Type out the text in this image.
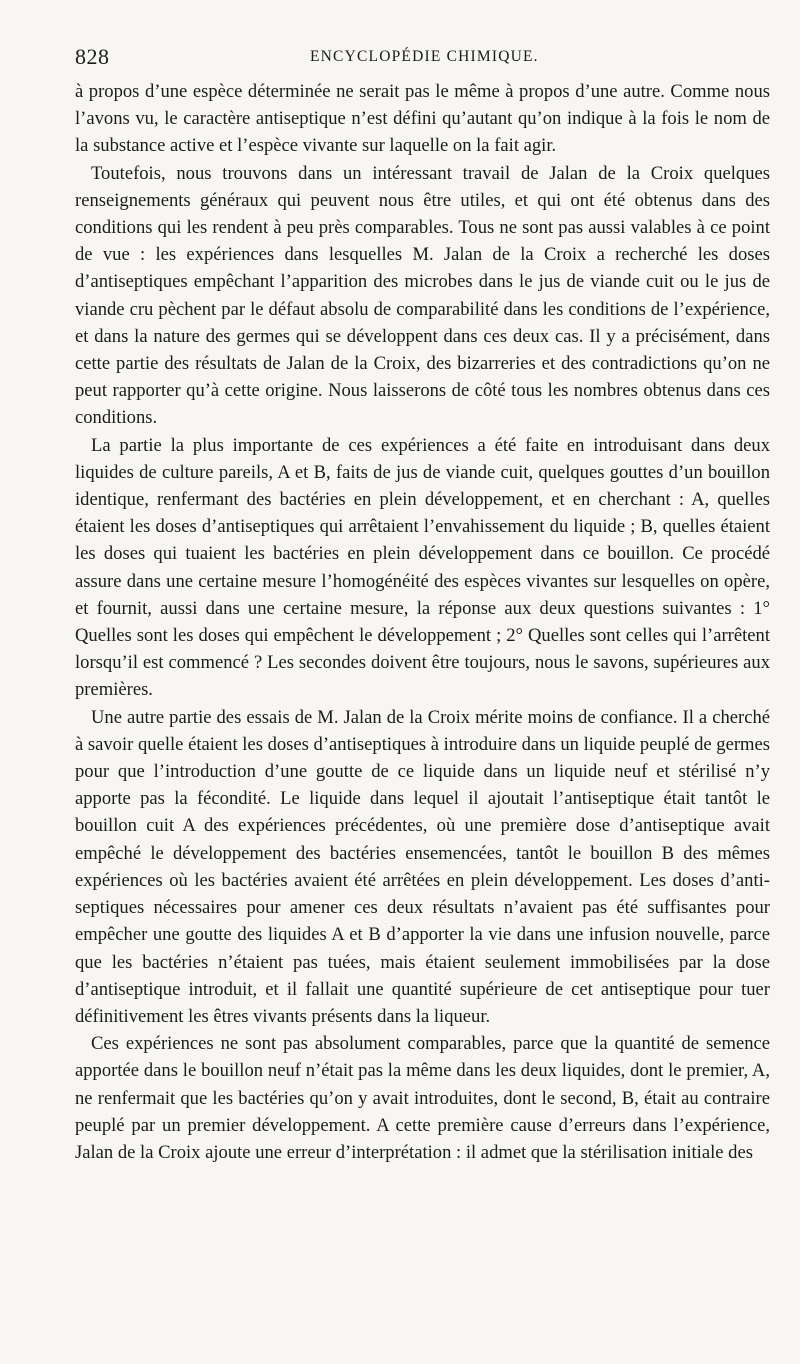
828	ENCYCLOPÉDIE CHIMIQUE.

à propos d’une espèce déterminée ne serait pas le même à propos d’une autre. Comme nous l’avons vu, le caractère antiseptique n’est défini qu’autant qu’on indique à la fois le nom de la substance active et l’espèce vivante sur laquelle on la fait agir.

Toutefois, nous trouvons dans un intéressant travail de Jalan de la Croix quelques renseignements généraux qui peuvent nous être utiles, et qui ont été obtenus dans des conditions qui les rendent à peu près comparables. Tous ne sont pas aussi valables à ce point de vue : les expériences dans lesquelles M. Jalan de la Croix a recherché les doses d’antiseptiques empêchant l’apparition des microbes dans le jus de viande cuit ou le jus de viande cru pèchent par le défaut absolu de comparabilité dans les conditions de l’expérience, et dans la nature des germes qui se développent dans ces deux cas. Il y a précisément, dans cette partie des résultats de Jalan de la Croix, des bizarreries et des contradictions qu’on ne peut rapporter qu’à cette origine. Nous laisserons de côté tous les nombres obtenus dans ces conditions.

La partie la plus importante de ces expériences a été faite en introduisant dans deux liquides de culture pareils, A et B, faits de jus de viande cuit, quelques gouttes d’un bouillon identique, renfermant des bactéries en plein développement, et en cherchant : A, quelles étaient les doses d’antiseptiques qui arrêtaient l’envahissement du liquide ; B, quelles étaient les doses qui tuaient les bactéries en plein développement dans ce bouillon. Ce procédé assure dans une certaine mesure l’homogénéité des espèces vivantes sur lesquelles on opère, et fournit, aussi dans une certaine mesure, la réponse aux deux questions suivantes : 1° Quelles sont les doses qui empêchent le développement ; 2° Quelles sont celles qui l’arrêtent lorsqu’il est commencé ? Les secondes doivent être toujours, nous le savons, supérieures aux premières.

Une autre partie des essais de M. Jalan de la Croix mérite moins de confiance. Il a cherché à savoir quelle étaient les doses d’antiseptiques à introduire dans un liquide peuplé de germes pour que l’introduction d’une goutte de ce liquide dans un liquide neuf et stérilisé n’y apporte pas la fécondité. Le liquide dans lequel il ajoutait l’antiseptique était tantôt le bouillon cuit A des expériences précédentes, où une première dose d’antiseptique avait empêché le développement des bactéries ensemencées, tantôt le bouillon B des mêmes expériences où les bactéries avaient été arrêtées en plein développement. Les doses d’antiseptiques nécessaires pour amener ces deux résultats n’avaient pas été suffisantes pour empêcher une goutte des liquides A et B d’apporter la vie dans une infusion nouvelle, parce que les bactéries n’étaient pas tuées, mais étaient seulement immobilisées par la dose d’antiseptique introduit, et il fallait une quantité supérieure de cet antiseptique pour tuer définitivement les êtres vivants présents dans la liqueur.

Ces expériences ne sont pas absolument comparables, parce que la quantité de semence apportée dans le bouillon neuf n’était pas la même dans les deux liquides, dont le premier, A, ne renfermait que les bactéries qu’on y avait introduites, dont le second, B, était au contraire peuplé par un premier développement. A cette première cause d’erreurs dans l’expérience, Jalan de la Croix ajoute une erreur d’interprétation : il admet que la stérilisation initiale des
